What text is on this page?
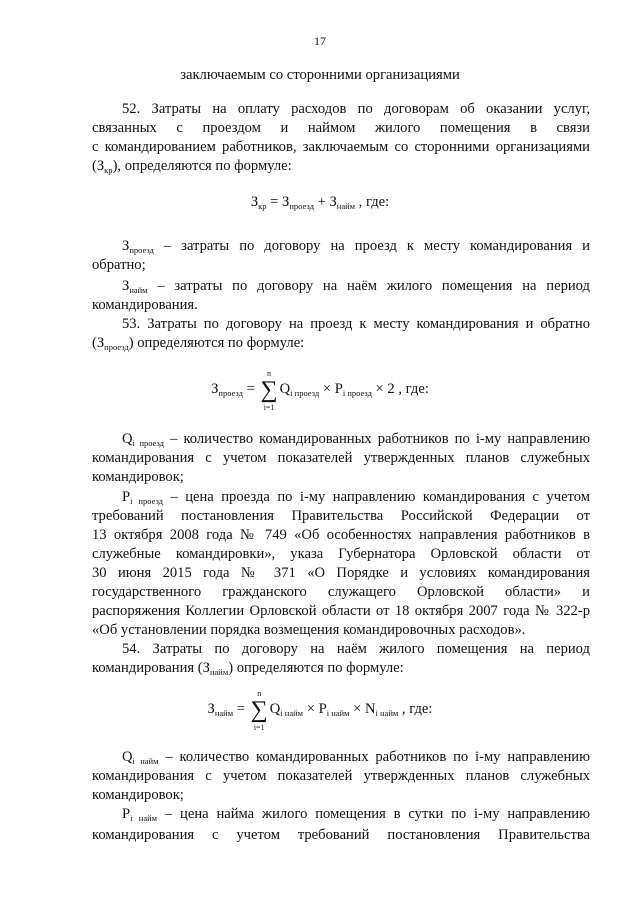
17
заключаемым со сторонними организациями
52. Затраты на оплату расходов по договорам об оказании услуг,
связанных с проездом и наймом жилого помещения в связи
с командированием работников, заключаемым со сторонними организациями
$(З_{кр})$, определяются по формуле:
$З_{кр} = З_{проезд} + З_{найм}$ , где:
$З_{проезд}$ – затраты по договору на проезд к месту командирования и
обратно;
$З_{найм}$ – затраты по договору на наём жилого помещения на период
командирования.
53. Затраты по договору на проезд к месту командирования и обратно
$(З_{проезд})$ определяются по формуле:
$З_{проезд}$ =
n
∑
i=1
$Q_{i проезд} \times P_{i проезд} \times 2$ , где:
$Q_{i проезд}$ – количество командированных работников по i-му направлению
командирования с учетом показателей утвержденных планов служебных
командировок;
$P_{i проезд}$ – цена проезда по i-му направлению командирования с учетом
требований постановления Правительства Российской Федерации от
13 октября 2008 года № 749 «Об особенностях направления работников в
служебные командировки», указа Губернатора Орловской области от
30 июня 2015 года № 371 «О Порядке и условиях командирования
государственного гражданского служащего Орловской области» и
распоряжения Коллегии Орловской области от 18 октября 2007 года № 322-р
«Об установлении порядка возмещения командировочных расходов».
54. Затраты по договору на наём жилого помещения на период
командирования $(З_{найм})$ определяются по формуле:
$З_{найм}$ =
n
∑
i=1
$Q_{i найм} \times P_{i найм} \times N_{i найм}$ , где:
$Q_{i найм}$ – количество командированных работников по i-му направлению
командирования с учетом показателей утвержденных планов служебных
командировок;
$P_{i найм}$ – цена найма жилого помещения в сутки по i-му направлению
командирования с учетом требований постановления Правительства
